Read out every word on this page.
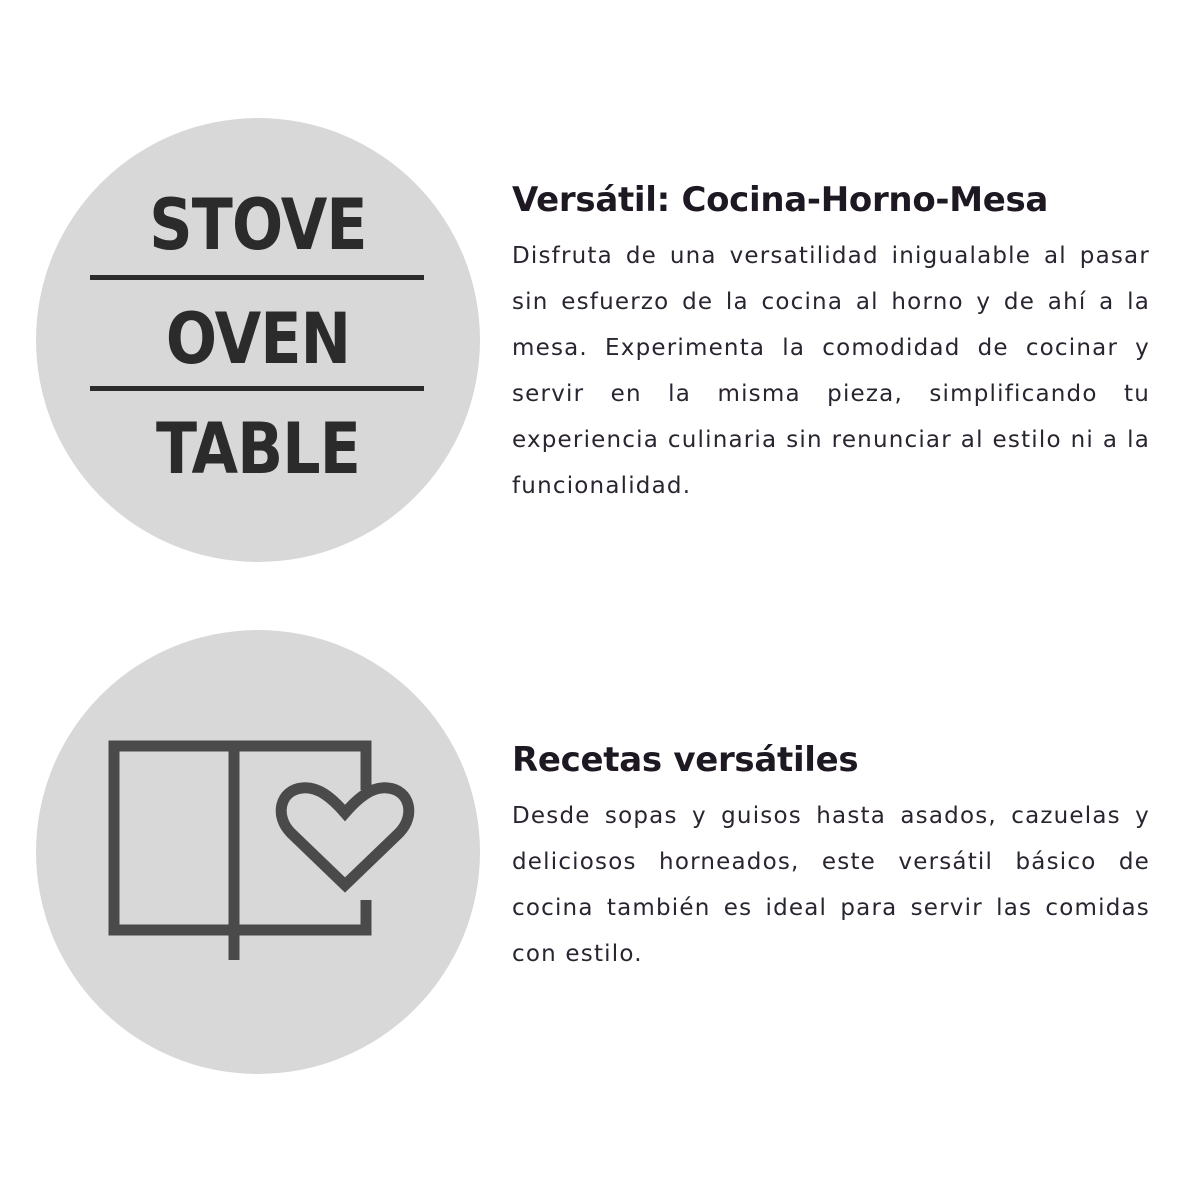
STOVE
OVEN
TABLE
Versátil: Cocina-Horno-Mesa

Disfruta de una versatilidad inigualable al pasar sin esfuerzo de la cocina al horno y de ahí a la mesa. Experimenta la comodidad de cocinar y servir en la misma pieza, simplificando tu experiencia culinaria sin renunciar al estilo ni a la funcionalidad.

Recetas versátiles

Desde sopas y guisos hasta asados, cazuelas y deliciosos horneados, este versátil básico de cocina también es ideal para servir las comidas con estilo.
